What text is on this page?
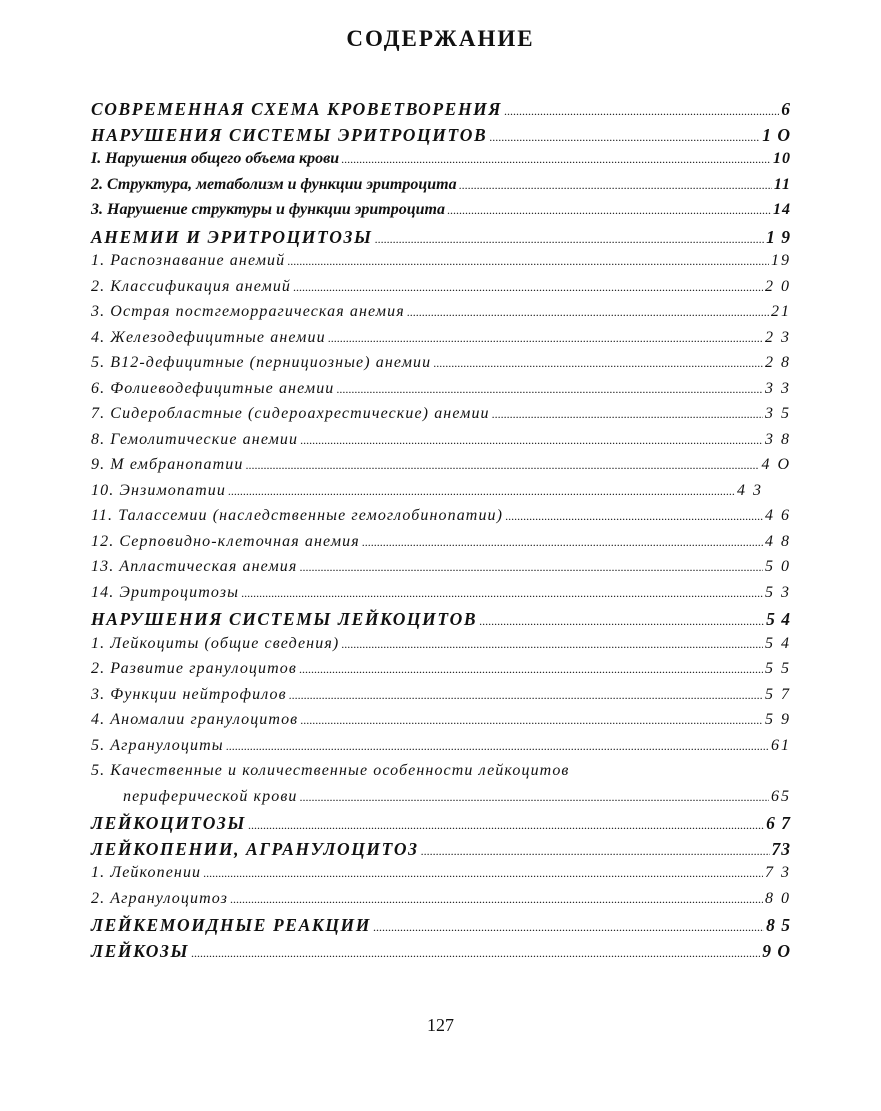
СОДЕРЖАНИЕ
СОВРЕМЕННАЯ СХЕМА КРОВЕТВОРЕНИЯ .....	6
НАРУШЕНИЯ СИСТЕМЫ ЭРИТРОЦИТОВ .....	1 О
I. Нарушения общего объема крови .....	10
2. Структура, метаболизм и функции эритроцита .....	11
3. Нарушение структуры и функции эритроцита .....	14
АНЕМИИ И ЭРИТРОЦИТОЗЫ .....	1 9
1. Распознавание анемий .....	19
2. Классификация анемий .....	2 0
3. Острая постгеморрагическая анемия .....	21
4. Железодефицитные анемии .....	2 3
5. В12-дефицитные (пернициозные) анемии .....	2 8
6. Фолиеводефицитные анемии .....	3 3
7. Сидеробластные (сидероахрестические) анемии .....	3 5
8. Гемолитические анемии .....	3 8
9. М ембранопатии .....	4 О
10. Энзимопатии .....	4 3
11. Талассемии (наследственные гемоглобинопатии) .....	4 6
12. Серповидно-клеточная анемия .....	4 8
13. Апластическая анемия .....	5 0
14. Эритроцитозы .....	5 3
НАРУШЕНИЯ СИСТЕМЫ ЛЕЙКОЦИТОВ .....	5 4
1. Лейкоциты (общие сведения) .....	5 4
2. Развитие гранулоцитов .....	5 5
3. Функции нейтрофилов .....	5 7
4. Аномалии гранулоцитов .....	5 9
5. Агранулоциты .....	61
5. Качественные и количественные особенности лейкоцитов
периферической крови .....	65
ЛЕЙКОЦИТОЗЫ .....	6 7
ЛЕЙКОПЕНИИ, АГРАНУЛОЦИТОЗ .....	73
1. Лейкопении .....	7 3
2. Агранулоцитоз .....	8 0
ЛЕЙКЕМОИДНЫЕ РЕАКЦИИ .....	8 5
ЛЕЙКОЗЫ .....	9 О
127
